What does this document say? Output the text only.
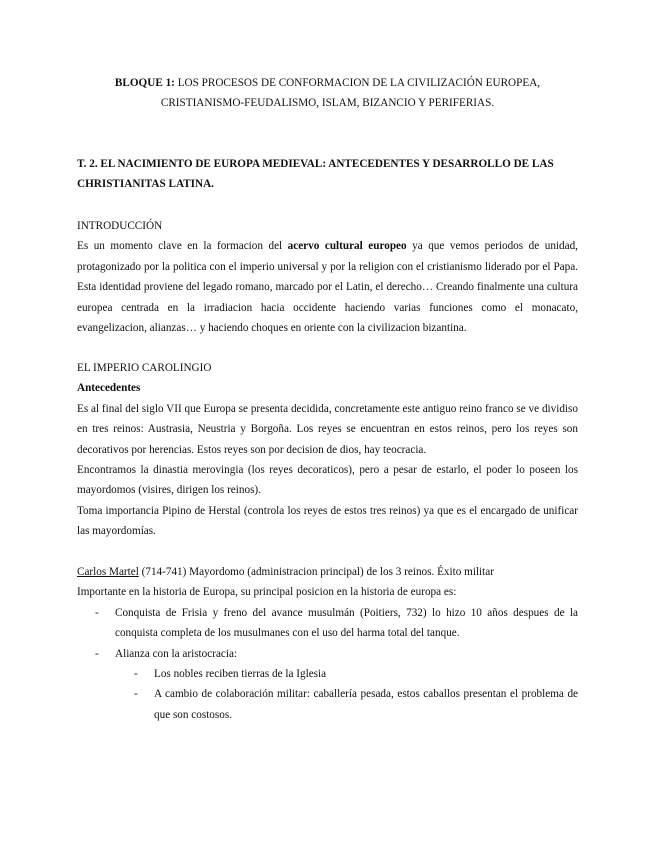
BLOQUE 1: LOS PROCESOS DE CONFORMACION DE LA CIVILIZACIÓN EUROPEA,
CRISTIANISMO-FEUDALISMO, ISLAM, BIZANCIO Y PERIFERIAS.
T. 2. EL NACIMIENTO DE EUROPA MEDIEVAL: ANTECEDENTES Y DESARROLLO DE LAS
CHRISTIANITAS LATINA.
INTRODUCCIÓN

Es un momento clave en la formacion del acervo cultural europeo ya que vemos periodos de unidad, protagonizado por la politica con el imperio universal y por la religion con el cristianismo liderado por el Papa. Esta identidad proviene del legado romano, marcado por el Latin, el derecho… Creando finalmente una cultura europea centrada en la irradiacion hacia occidente haciendo varias funciones como el monacato, evangelizacion, alianzas… y haciendo choques en oriente con la civilizacion bizantina.

EL IMPERIO CAROLINGIO
Antecedentes

Es al final del siglo VII que Europa se presenta decidida, concretamente este antiguo reino franco se ve dividiso en tres reinos: Austrasia, Neustria y Borgoña. Los reyes se encuentran en estos reinos, pero los reyes son decorativos por herencias. Estos reyes son por decision de dios, hay teocracia.

Encontramos la dinastia merovingia (los reyes decoraticos), pero a pesar de estarlo, el poder lo poseen los mayordomos (visires, dirigen los reinos).

Toma importancia Pipino de Herstal (controla los reyes de estos tres reinos) ya que es el encargado de unificar las mayordomías.

Carlos Martel (714-741) Mayordomo (administracion principal) de los 3 reinos. Éxito militar
Importante en la historia de Europa, su principal posicion en la historia de europa es:
- Conquista de Frisia y freno del avance musulmán (Poitiers, 732) lo hizo 10 años despues de la conquista completa de los musulmanes con el uso del harma total del tanque.
- Alianza con la aristocracia:
- Los nobles reciben tierras de la Iglesia
- A cambio de colaboración militar: caballería pesada, estos caballos presentan el problema de que son costosos.
